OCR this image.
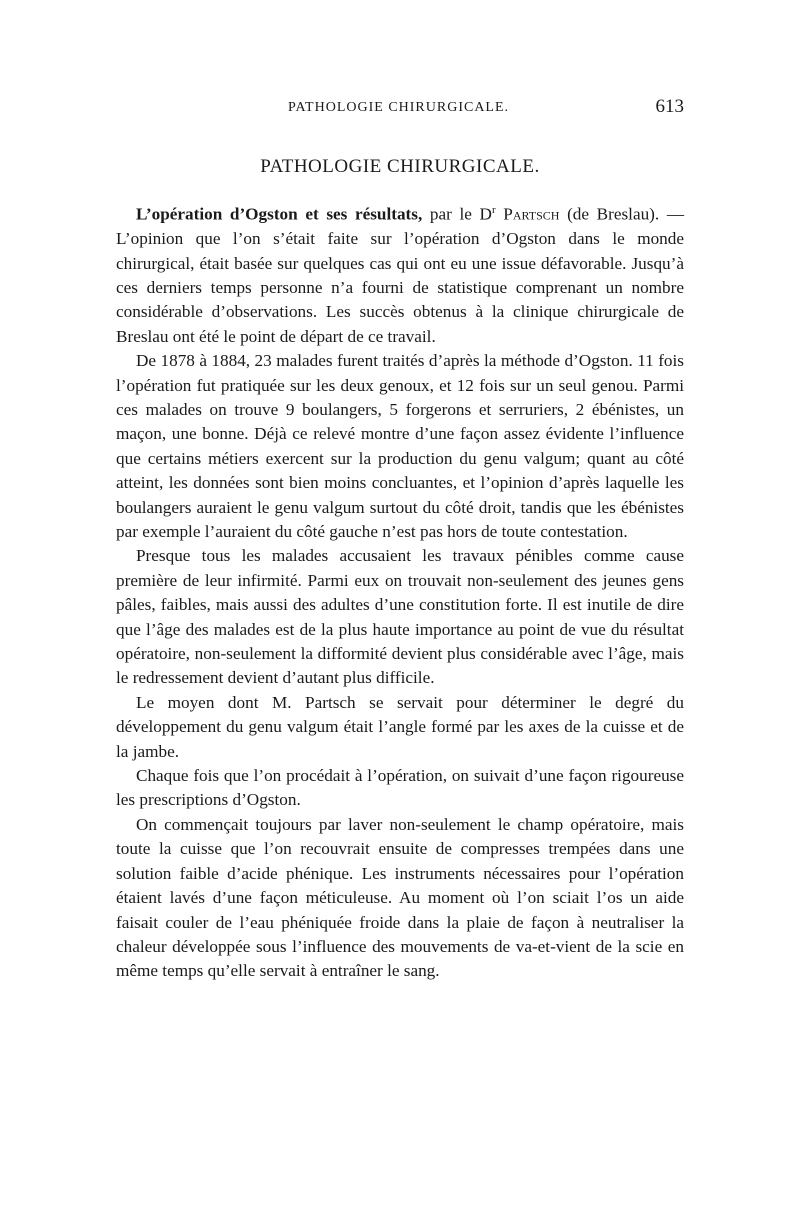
PATHOLOGIE CHIRURGICALE.	613
PATHOLOGIE CHIRURGICALE.

L’opération d’Ogston et ses résultats, par le $D^r$ Partsch (de Breslau). — L’opinion que l’on s’était faite sur l’opération d’Ogston dans le monde chirurgical, était basée sur quelques cas qui ont eu une issue défavorable. Jusqu’à ces derniers temps personne n’a fourni de statistique comprenant un nombre considérable d’observations. Les succès obtenus à la clinique chirurgicale de Breslau ont été le point de départ de ce travail.

De 1878 à 1884, 23 malades furent traités d’après la méthode d’Ogston. 11 fois l’opération fut pratiquée sur les deux genoux, et 12 fois sur un seul genou. Parmi ces malades on trouve 9 boulangers, 5 forgerons et serruriers, 2 ébénistes, un maçon, une bonne. Déjà ce relevé montre d’une façon assez évidente l’influence que certains métiers exercent sur la production du genu valgum; quant au côté atteint, les données sont bien moins concluantes, et l’opinion d’après laquelle les boulangers auraient le genu valgum surtout du côté droit, tandis que les ébénistes par exemple l’auraient du côté gauche n’est pas hors de toute contestation.

Presque tous les malades accusaient les travaux pénibles comme cause première de leur infirmité. Parmi eux on trouvait non-seulement des jeunes gens pâles, faibles, mais aussi des adultes d’une constitution forte. Il est inutile de dire que l’âge des malades est de la plus haute importance au point de vue du résultat opératoire, non-seulement la difformité devient plus considérable avec l’âge, mais le redressement devient d’autant plus difficile.

Le moyen dont M. Partsch se servait pour déterminer le degré du développement du genu valgum était l’angle formé par les axes de la cuisse et de la jambe.

Chaque fois que l’on procédait à l’opération, on suivait d’une façon rigoureuse les prescriptions d’Ogston.

On commençait toujours par laver non-seulement le champ opératoire, mais toute la cuisse que l’on recouvrait ensuite de compresses trempées dans une solution faible d’acide phénique. Les instruments nécessaires pour l’opération étaient lavés d’une façon méticuleuse. Au moment où l’on sciait l’os un aide faisait couler de l’eau phéniquée froide dans la plaie de façon à neutraliser la chaleur développée sous l’influence des mouvements de va-et-vient de la scie en même temps qu’elle servait à entraîner le sang.
